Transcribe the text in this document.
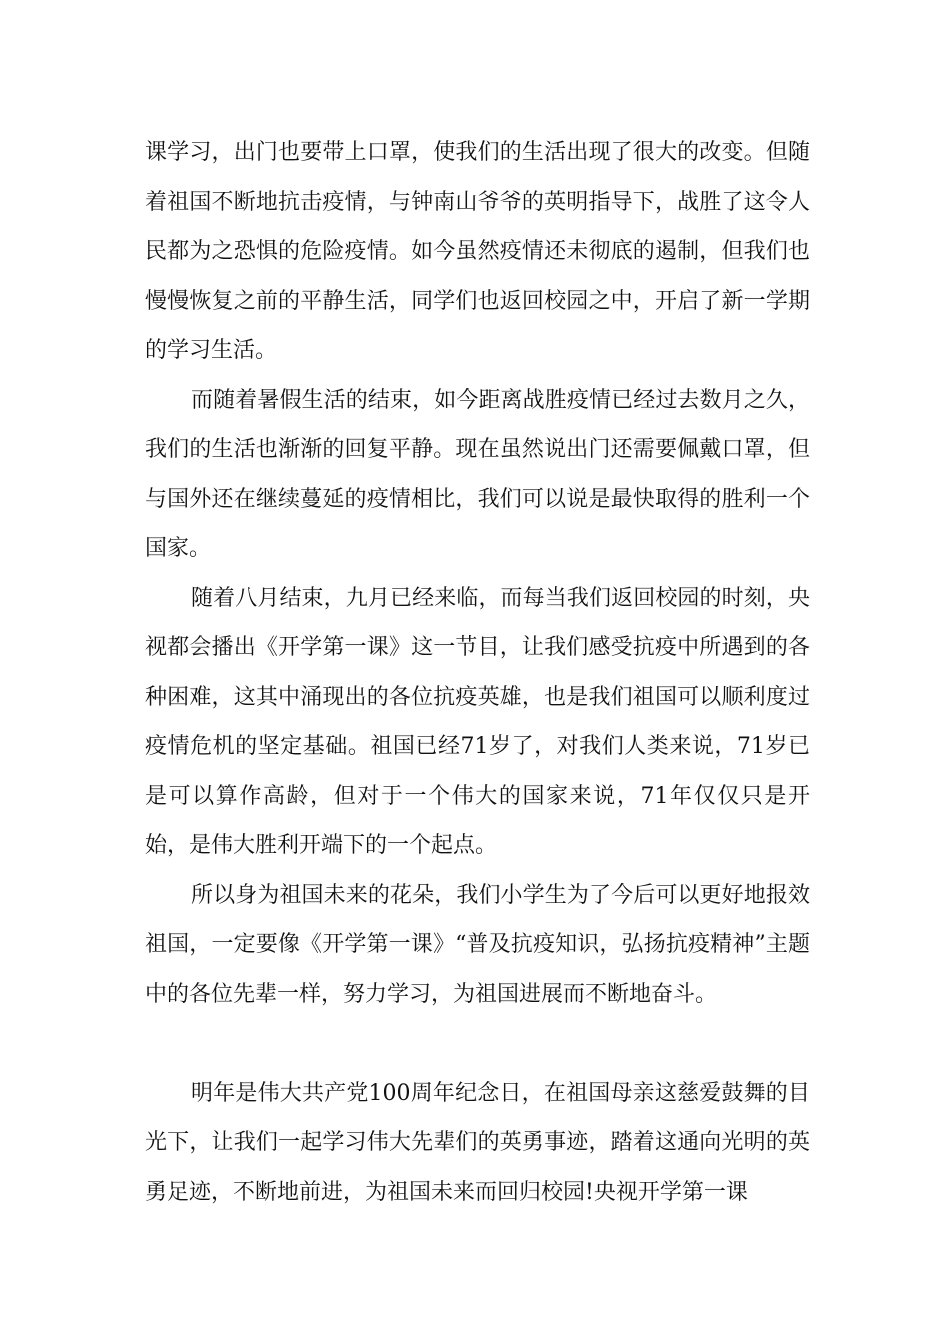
课学习，出门也要带上口罩，使我们的生活出现了很大的改变。但随着祖国不断地抗击疫情，与钟南山爷爷的英明指导下，战胜了这令人民都为之恐惧的危险疫情。如今虽然疫情还未彻底的遏制，但我们也慢慢恢复之前的平静生活，同学们也返回校园之中，开启了新一学期的学习生活。

而随着暑假生活的结束，如今距离战胜疫情已经过去数月之久，我们的生活也渐渐的回复平静。现在虽然说出门还需要佩戴口罩，但与国外还在继续蔓延的疫情相比，我们可以说是最快取得的胜利一个国家。

随着八月结束，九月已经来临，而每当我们返回校园的时刻，央视都会播出《开学第一课》这一节目，让我们感受抗疫中所遇到的各种困难，这其中涌现出的各位抗疫英雄，也是我们祖国可以顺利度过疫情危机的坚定基础。祖国已经71岁了，对我们人类来说，71岁已是可以算作高龄，但对于一个伟大的国家来说，71年仅仅只是开始，是伟大胜利开端下的一个起点。

所以身为祖国未来的花朵，我们小学生为了今后可以更好地报效祖国，一定要像《开学第一课》“普及抗疫知识，弘扬抗疫精神”主题中的各位先辈一样，努力学习，为祖国进展而不断地奋斗。

明年是伟大共产党100周年纪念日，在祖国母亲这慈爱鼓舞的目光下，让我们一起学习伟大先辈们的英勇事迹，踏着这通向光明的英勇足迹，不断地前进，为祖国未来而回归校园!央视开学第一课
